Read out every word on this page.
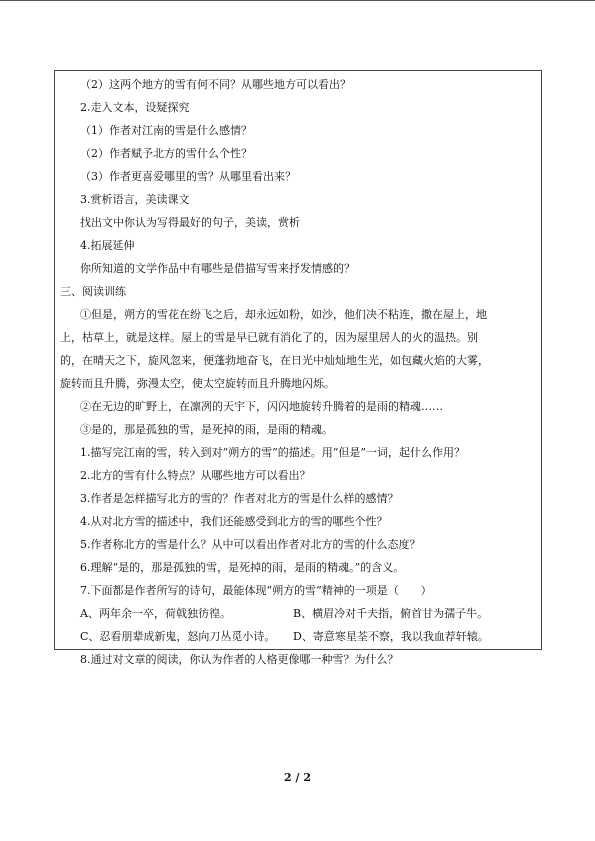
（2）这两个地方的雪有何不同？从哪些地方可以看出？
2.走入文本，设疑探究
（1）作者对江南的雪是什么感情？
（2）作者赋予北方的雪什么个性？
（3）作者更喜爱哪里的雪？从哪里看出来？
3.赏析语言，美读课文
找出文中你认为写得最好的句子，美读，赏析
4.拓展延伸
你所知道的文学作品中有哪些是借描写雪来抒发情感的？
三、阅读训练
①但是，朔方的雪花在纷飞之后，却永远如粉，如沙，他们决不粘连，撒在屋上，地
上，枯草上，就是这样。屋上的雪是早已就有消化了的，因为屋里居人的火的温热。别
的，在晴天之下，旋风忽来，便蓬勃地奋飞，在日光中灿灿地生光，如包藏火焰的大雾，
旋转而且升腾，弥漫太空，使太空旋转而且升腾地闪烁。
②在无边的旷野上，在凛冽的天宇下，闪闪地旋转升腾着的是雨的精魂……
③是的，那是孤独的雪，是死掉的雨，是雨的精魂。
1.描写完江南的雪，转入到对“朔方的雪”的描述。用“但是”一词，起什么作用？
2.北方的雪有什么特点？从哪些地方可以看出？
3.作者是怎样描写北方的雪的？作者对北方的雪是什么样的感情？
4.从对北方雪的描述中，我们还能感受到北方的雪的哪些个性？
5.作者称北方的雪是什么？从中可以看出作者对北方的雪的什么态度？
6.理解“是的，那是孤独的雪，是死掉的雨，是雨的精魂。”的含义。
7.下面都是作者所写的诗句，最能体现“朔方的雪”精神的一项是（　　）
A、两年余一卒，荷戟独彷徨。	B、横眉冷对千夫指，俯首甘为孺子牛。
C、忍看朋辈成新鬼，怒向刀丛觅小诗。 D、寄意寒星荃不察，我以我血荐轩辕。
8.通过对文章的阅读，你认为作者的人格更像哪一种雪？为什么？
2 / 2
